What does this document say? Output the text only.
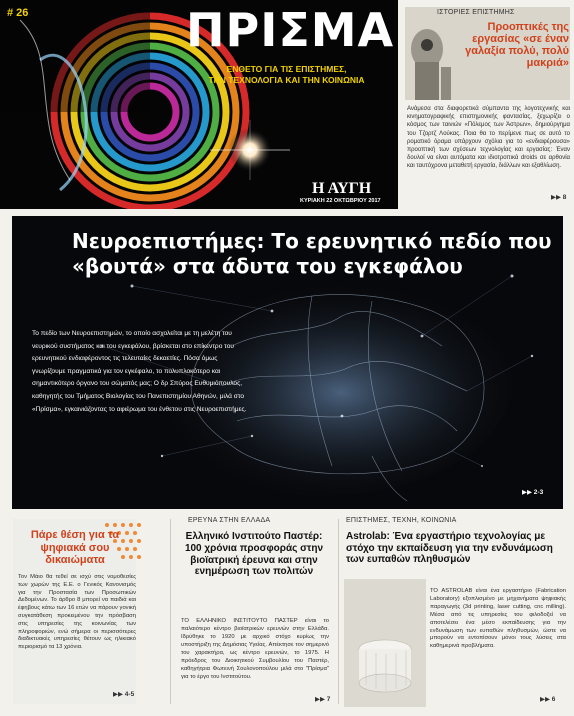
# 26	ΠΡΙΣΜΑ
ΕΝΘΕΤΟ ΓΙΑ ΤΙΣ ΕΠΙΣΤΗΜΕΣ,
ΤΗΝ ΤΕΧΝΟΛΟΓΙΑ ΚΑΙ ΤΗΝ ΚΟΙΝΩΝΙΑ
Η ΑΥΓΗ
ΚΥΡΙΑΚΗ 22 ΟΚΤΩΒΡΙΟΥ 2017
ΙΣΤΟΡΙΕΣ ΕΠΙΣΤΗΜΗΣ
Προοπτικές της εργασίας «σε έναν γαλαξία πολύ, πολύ μακριά»
Ανάμεσα στα διαφορετικά σύμπαντα της λογοτεχνικής και κινηματογραφικής επιστημονικής φαντασίας, ξεχωρίζει ο κόσμος των ταινιών «Πόλεμος των Άστρων», δημιούργημα του Τζορτζ Λούκας. Ποια θα το περίμενε πως σε αυτό το ροματικό όραμα υπάρχουν σχόλια για το «ενδιαφέρουσα» προοπτική των σχέσεων τεχνολογίας και εργασίας: Έναν δουλοί να είναι αυτόματα και ιδιοτροπικά droids σε αρθονία και ταυτόχρονα μεταθετή εργασία, διάλλων και εξαθλίωση.
▶▶ 8
Νευροεπιστήμες: Το ερευνητικό πεδίο που «βουτά» στα άδυτα του εγκεφάλου
Το πεδίο των Νευροεπιστημών, το οποίο ασχολείται με τη μελέτη του νευρικού συστήματος και του εγκεφάλου, βρίσκεται στο επίκεντρο του ερευνητικού ενδιαφέροντος τις τελευταίες δεκαετίες. Πόσα όμως γνωρίζουμε πραγματικά για τον εγκέφαλο, το πολυπλοκότερο και σημαντικότερο όργανο του σώματός μας; Ο δρ Σπύρος Ευθυμιόπουλος, καθηγητής του Τμήματος Βιολογίας του Πανεπιστημίου Αθηνών, μιλά στο «Πρίσμα», εγκαινιάζοντας το αφιέρωμα του ένθετου στις Νευροεπιστήμες.
▶▶ 2-3
Πάρε θέση για τα ψηφιακά σου δικαιώματα
Τον Μάιο θα τεθεί σε ισχύ στις νομοθεσίες των χωρών της Ε.Ε. ο Γενικός Κανονισμός για την Προστασία των Προσωπικών Δεδομένων. Το άρθρο 8 μπορεί να παιδιά και έφηβους κάτω των 16 ετών να πάρουν γονική συγκατάθεση προκειμένου την πρόσβαση στις υπηρεσίες της κοινωνίας των πληροφοριών, ενώ σήμερα οι περισσότερες διαδικτυακές υπηρεσίες θέτουν ως ηλικιακό περιορισμό τα 13 χρόνια.
▶▶ 4-5
ΕΡΕΥΝΑ ΣΤΗΝ ΕΛΛΑΔΑ
Ελληνικό Ινστιτούτο Παστέρ: 100 χρόνια προσφοράς στην βιοϊατρική έρευνα και στην ενημέρωση των πολιτών
ΤΟ ΕΛΛΗΝΙΚΟ ΙΝΣΤΙΤΟΥΤΟ ΠΑΣΤΕΡ είναι το παλαιότερο κέντρο βιοϊατρικών ερευνών στην Ελλάδα. Ιδρύθηκε το 1920 με αρχικό στόχο κυρίως την υποστήριξη της Δημόσιας Υγείας. Απέκτησε τον σημερινό του χαρακτήρα, ως κέντρο ερευνών, το 1975. Η πρόεδρος του Διοικητικού Συμβουλίου του Παστέρ, καθηγήτρια Φωτεινή Σουλονοπούλου μιλά στο "Πρίσμα" για το έργο του Ινστιτούτου.
▶▶ 7
ΕΠΙΣΤΗΜΕΣ, ΤΕΧΝΗ, ΚΟΙΝΩΝΙΑ
Astrolab: Ένα εργαστήριο τεχνολογίας με στόχο την εκπαίδευση για την ενδυνάμωση των ευπαθών πληθυσμών
ΤΟ ASTROLAB είναι ένα εργαστήριο (Fabrication Laboratory) εξοπλισμένο με μηχανήματα ψηφιακής παραγωγής (3d printing, laser cutting, cnc milling). Μέσα από τις υπηρεσίες του φιλοδοξεί να αποτελέσει ένα μέσο εκπαίδευσης για την ενδυνάμωση των ευπαθών πληθυσμών, ώστε να μπορούν να εντοπίσουν μόνοι τους λύσεις στα καθημερινά προβλήματα.
▶▶ 6
